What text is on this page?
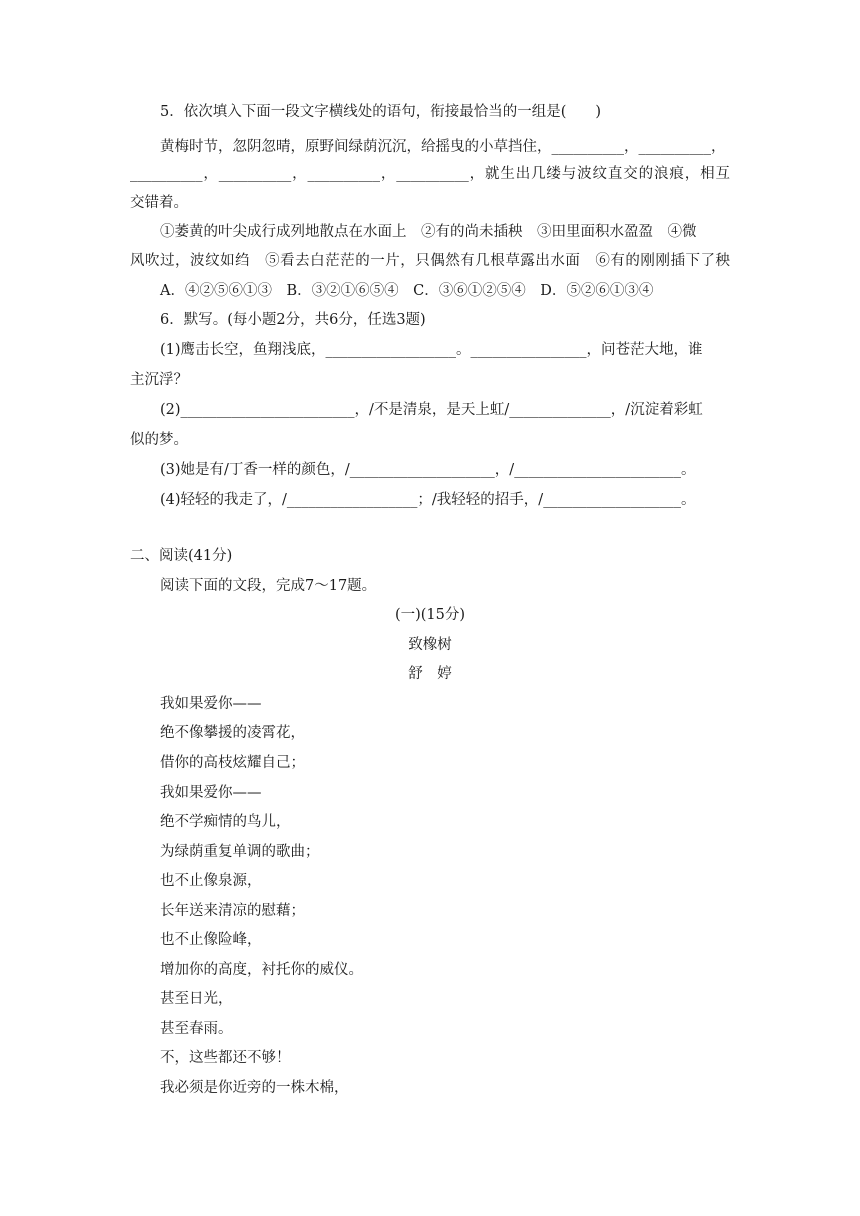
5．依次填入下面一段文字横线处的语句，衔接最恰当的一组是(　　)
黄梅时节，忽阴忽晴，原野间绿荫沉沉，给摇曳的小草挡住，__________，__________，
__________，__________，__________，__________，就生出几缕与波纹直交的浪痕，相互
交错着。
①萎黄的叶尖成行成列地散点在水面上　②有的尚未插秧　③田里面积水盈盈　④微
风吹过，波纹如绉　⑤看去白茫茫的一片，只偶然有几根草露出水面　⑥有的刚刚插下了秧
A．④②⑤⑥①③　B．③②①⑥⑤④　C．③⑥①②⑤④　D．⑤②⑥①③④
6．默写。(每小题2分，共6分，任选3题)
(1)鹰击长空，鱼翔浅底，__________________。________________，问苍茫大地，谁
主沉浮？
(2)________________________，/不是清泉，是天上虹/______________，/沉淀着彩虹
似的梦。
(3)她是有/丁香一样的颜色，/____________________，/_______________________。
(4)轻轻的我走了，/__________________；/我轻轻的招手，/___________________。
二、阅读(41分)
阅读下面的文段，完成7～17题。
(一)(15分)
致橡树
舒　婷
我如果爱你——
绝不像攀援的凌霄花，
借你的高枝炫耀自己；
我如果爱你——
绝不学痴情的鸟儿，
为绿荫重复单调的歌曲；
也不止像泉源，
长年送来清凉的慰藉；
也不止像险峰，
增加你的高度，衬托你的威仪。
甚至日光，
甚至春雨。
不，这些都还不够！
我必须是你近旁的一株木棉，
